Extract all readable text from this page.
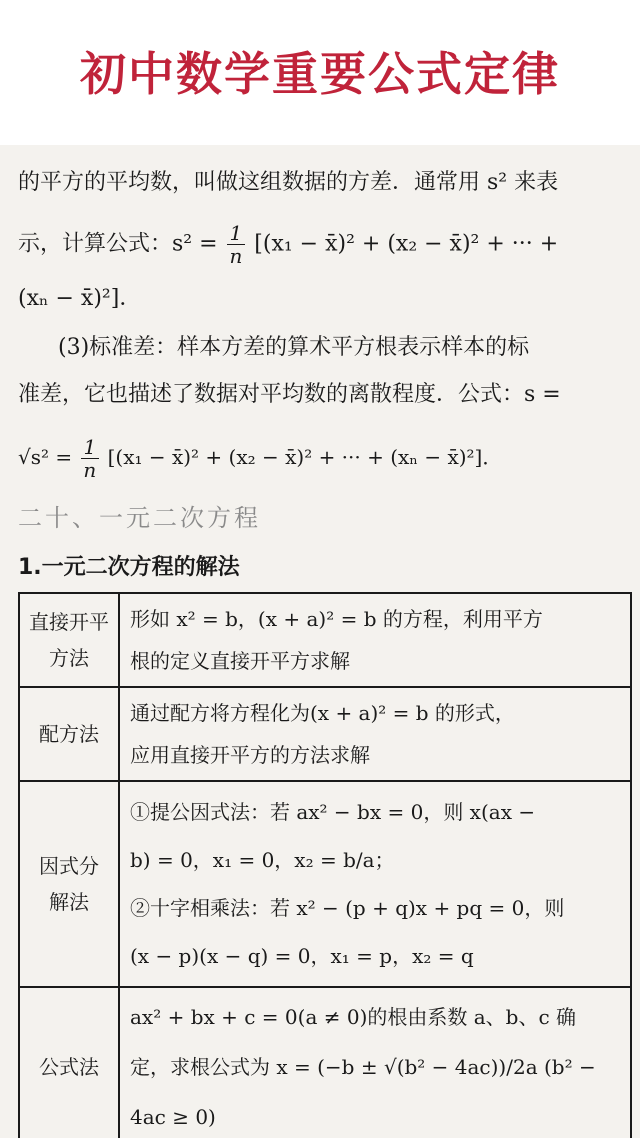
初中数学重要公式定律
的平方的平均数，叫做这组数据的方差．通常用 s² 来表
示，计算公式：$s^2 = \frac{1}{n} [(x_1$ − x̄)² + (x₂ − x̄)² + ··· +
(xₙ − x̄)²]．
(3)标准差：样本方差的算术平方根表示样本的标
准差，它也描述了数据对平均数的离散程度．公式：s =
$√s^2 = \frac{1}{n} [(x_1$ − x̄)² + (x₂ − x̄)² + ··· + (xₙ − x̄)²]．
二十、一元二次方程
1.一元二次方程的解法
直接开平方法	形如 x² = b，(x + a)² = b 的方程，利用平方
根的定义直接开平方求解

配方法	通过配方将方程化为(x + a)² = b 的形式，
应用直接开平方的方法求解

因式分解法	①提公因式法：若 ax² − bx = 0，则 x(ax −
b) = 0，x₁ = 0，x₂ = b/a；
②十字相乘法：若 x² − (p + q)x + pq = 0，则
(x − p)(x − q) = 0，x₁ = p，x₂ = q

公式法	ax² + bx + c = 0(a ≠ 0)的根由系数 a、b、c 确
定，求根公式为 x = (−b ± √(b² − 4ac))/2a (b² −
4ac ≥ 0)
